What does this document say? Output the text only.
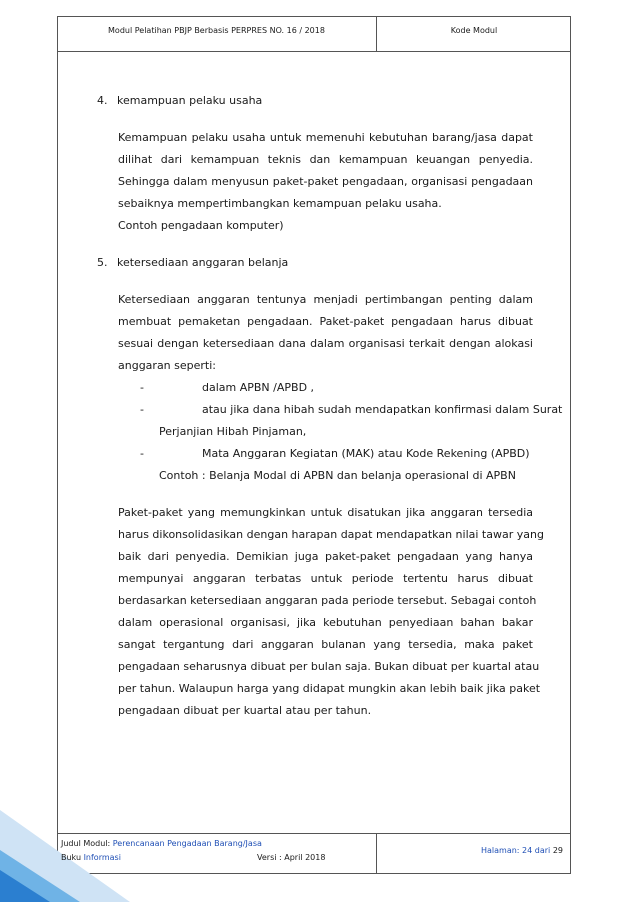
Modul Pelatihan PBJP Berbasis PERPRES NO. 16 / 2018	Kode Modul
4. kemampuan pelaku usaha
Kemampuan pelaku usaha untuk memenuhi kebutuhan barang/jasa dapat
dilihat dari kemampuan teknis dan kemampuan keuangan penyedia.
Sehingga dalam menyusun paket-paket pengadaan, organisasi pengadaan
sebaiknya mempertimbangkan kemampuan pelaku usaha.
Contoh pengadaan komputer)
5. ketersediaan anggaran belanja
Ketersediaan anggaran tentunya menjadi pertimbangan penting dalam
membuat pemaketan pengadaan. Paket-paket pengadaan harus dibuat
sesuai dengan ketersediaan dana dalam organisasi terkait dengan alokasi
anggaran seperti:
-	dalam APBN /APBD ,
-	atau jika dana hibah sudah mendapatkan konfirmasi dalam Surat
Perjanjian Hibah Pinjaman,
-	Mata Anggaran Kegiatan (MAK) atau Kode Rekening (APBD)
Contoh : Belanja Modal di APBN dan belanja operasional di APBN
Paket-paket yang memungkinkan untuk disatukan jika anggaran tersedia
harus dikonsolidasikan dengan harapan dapat mendapatkan nilai tawar yang
baik dari penyedia. Demikian juga paket-paket pengadaan yang hanya
mempunyai anggaran terbatas untuk periode tertentu harus dibuat
berdasarkan ketersediaan anggaran pada periode tersebut. Sebagai contoh
dalam operasional organisasi, jika kebutuhan penyediaan bahan bakar
sangat tergantung dari anggaran bulanan yang tersedia, maka paket
pengadaan seharusnya dibuat per bulan saja. Bukan dibuat per kuartal atau
per tahun. Walaupun harga yang didapat mungkin akan lebih baik jika paket
pengadaan dibuat per kuartal atau per tahun.
Judul Modul: Perencanaan Pengadaan Barang/Jasa
Buku Informasi	Versi : April 2018
Halaman: 24 dari 29
